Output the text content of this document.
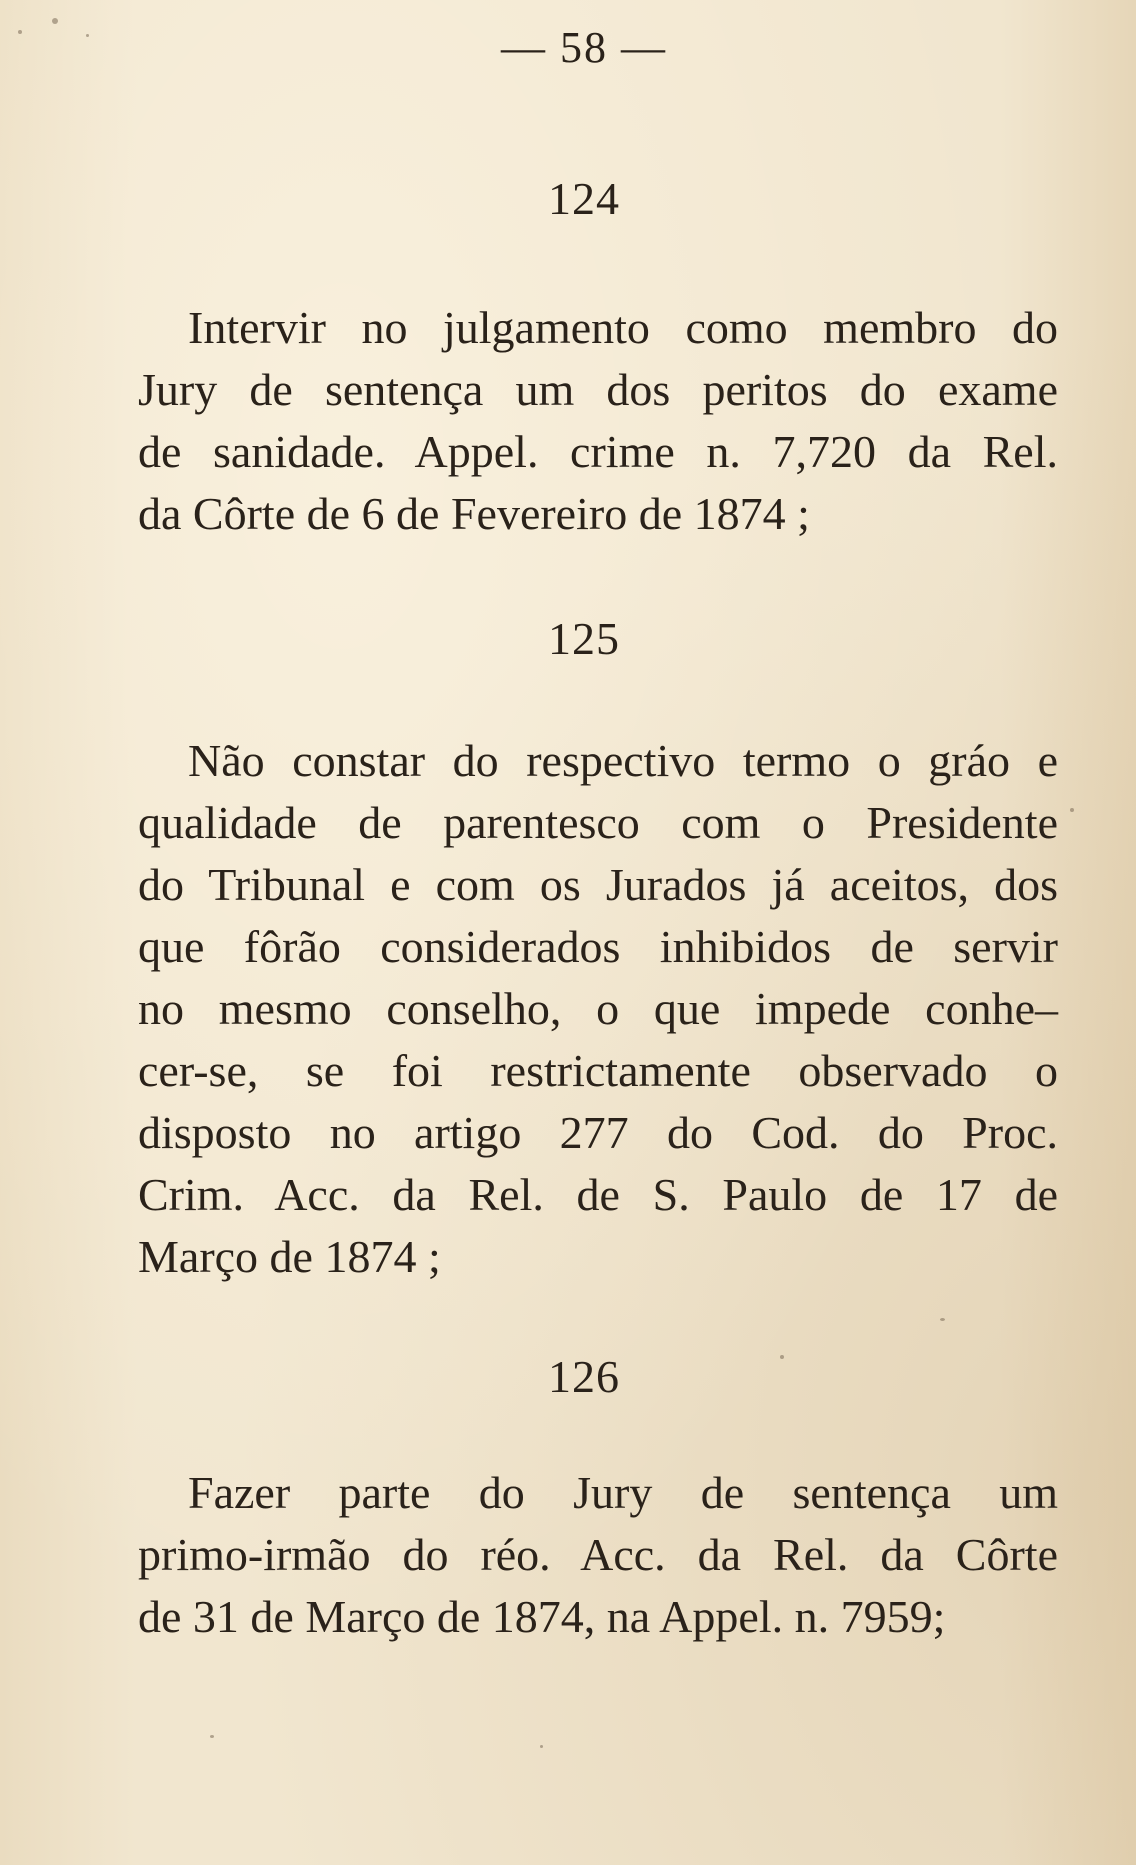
— 58 —
124
Intervir no julgamento como membro do
Jury de sentença um dos peritos do exame
de sanidade. Appel. crime n. 7,720 da Rel.
da Côrte de 6 de Fevereiro de 1874 ;
125
Não constar do respectivo termo o gráo e
qualidade de parentesco com o Presidente
do Tribunal e com os Jurados já aceitos, dos
que fôrão considerados inhibidos de servir
no mesmo conselho, o que impede conhe–
cer-se, se foi restrictamente observado o
disposto no artigo 277 do Cod. do Proc.
Crim. Acc. da Rel. de S. Paulo de 17 de
Março de 1874 ;
126
Fazer parte do Jury de sentença um
primo-irmão do réo. Acc. da Rel. da Côrte
de 31 de Março de 1874, na Appel. n. 7959;
